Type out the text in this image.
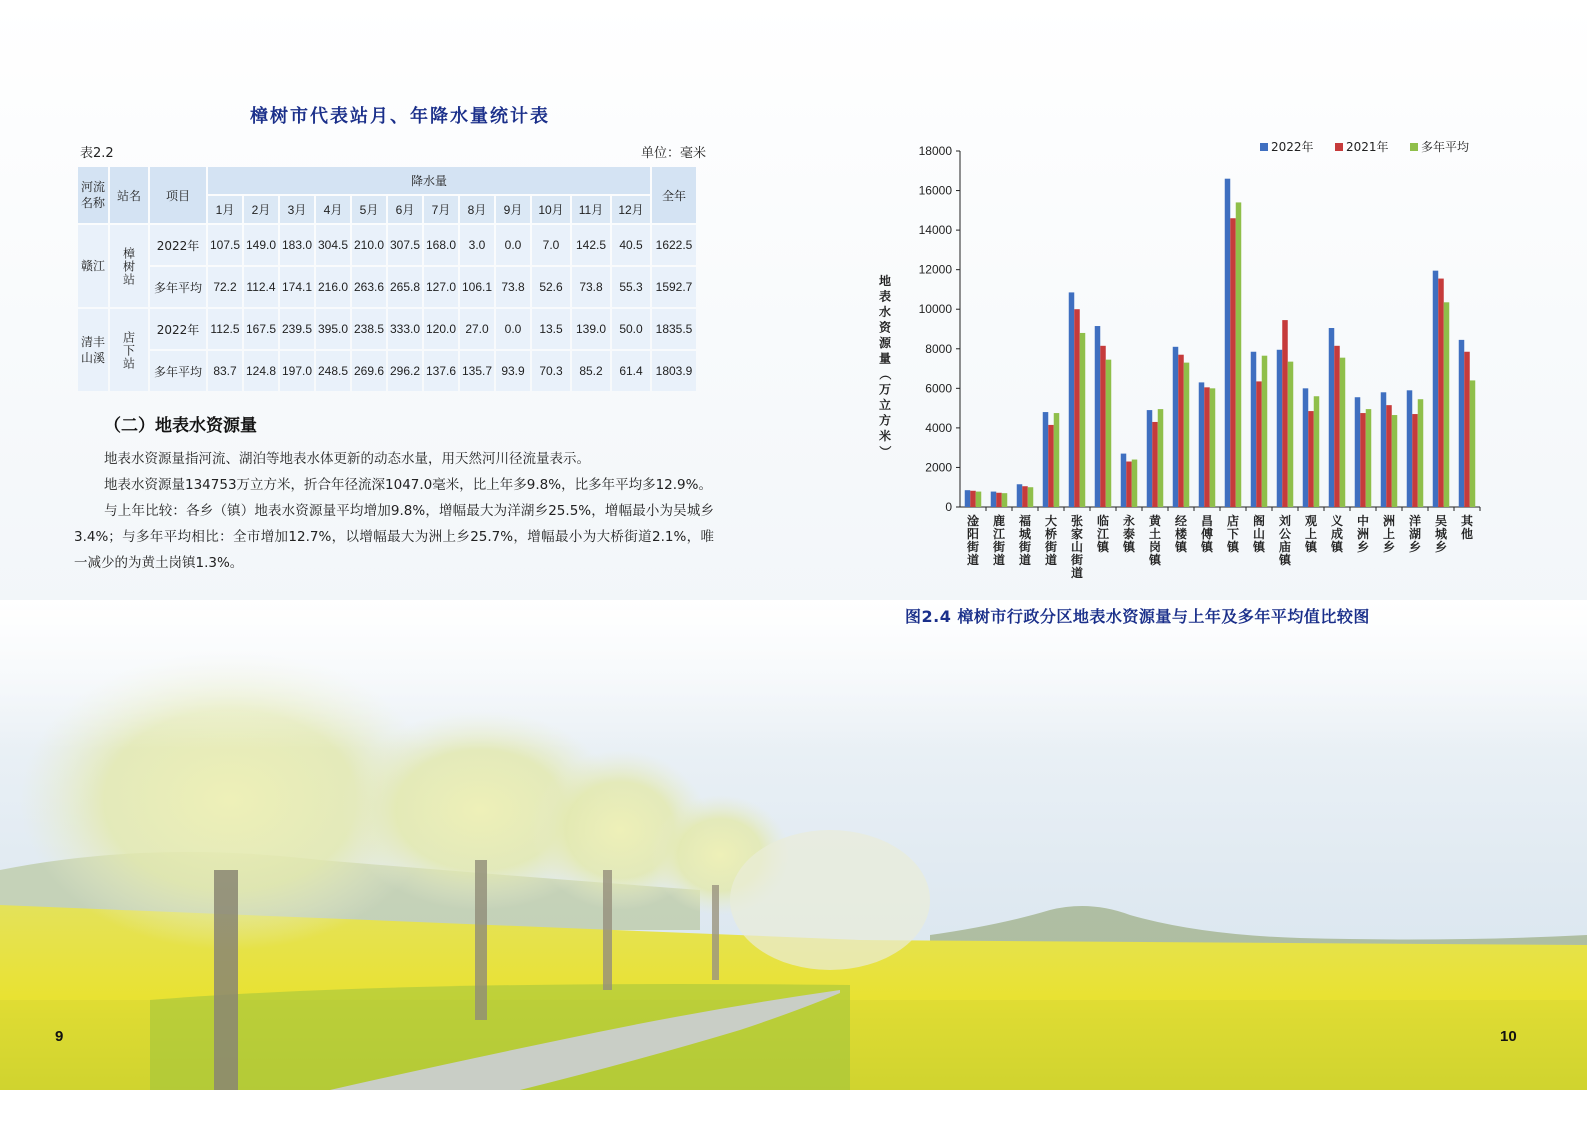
樟树市代表站月、年降水量统计表
表2.2	单位：毫米
河流名称	站名	项目	降水量												全年
			1月	2月	3月	4月	5月	6月	7月	8月	9月	10月	11月	12月	

赣江	樟树站	2022年	107.5	149.0	183.0	304.5	210.0	307.5	168.0	3.0	0.0	7.0	142.5	40.5	1622.5
		多年平均	72.2	112.4	174.1	216.0	263.6	265.8	127.0	106.1	73.8	52.6	73.8	55.3	1592.7

清丰山溪	店下站	2022年	112.5	167.5	239.5	395.0	238.5	333.0	120.0	27.0	0.0	13.5	139.0	50.0	1835.5
		多年平均	83.7	124.8	197.0	248.5	269.6	296.2	137.6	135.7	93.9	70.3	85.2	61.4	1803.9
（二）地表水资源量
地表水资源量指河流、湖泊等地表水体更新的动态水量，用天然河川径流量表示。
地表水资源量134753万立方米，折合年径流深1047.0毫米，比上年多9.8%，比多年平均多12.9%。
与上年比较：各乡（镇）地表水资源量平均增加9.8%，增幅最大为洋湖乡25.5%，增幅最小为吴城乡3.4%；与多年平均相比：全市增加12.7%，以增幅最大为洲上乡25.7%，增幅最小为大桥街道2.1%，唯一减少的为黄土岗镇1.3%。
9	10
0
2000
4000
6000
8000
10000
12000
14000
16000
18000
地
表
水
资
源
量
（
万
立
方
米
）
淦
阳
街
道
鹿
江
街
道
福
城
街
道
大
桥
街
道
张
家
山
街
道
临
江
镇
永
泰
镇
黄
土
岗
镇
经
楼
镇
昌
傅
镇
店
下
镇
阁
山
镇
刘
公
庙
镇
观
上
镇
义
成
镇
中
洲
乡
洲
上
乡
洋
湖
乡
吴
城
乡
其
他
2022年	2021年	多年平均
图2.4 樟树市行政分区地表水资源量与上年及多年平均值比较图
